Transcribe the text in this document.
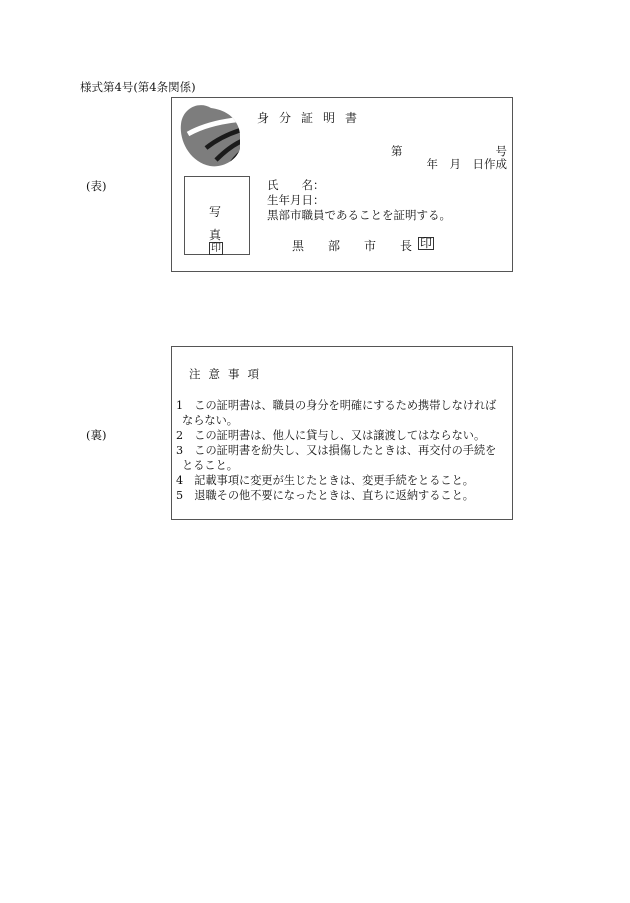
様式第4号(第4条関係)
(表)
身分証明書
第	号
年　月　日作成
写
真
印
氏　　名：
生年月日：
黒部市職員であることを証明する。
黒　　部　　市　　長 印
(裏)
注意事項
1　この証明書は、職員の身分を明確にするため携帯しなければ
ならない。
2　この証明書は、他人に貸与し、又は譲渡してはならない。
3　この証明書を紛失し、又は損傷したときは、再交付の手続を
とること。
4　記載事項に変更が生じたときは、変更手続をとること。
5　退職その他不要になったときは、直ちに返納すること。
